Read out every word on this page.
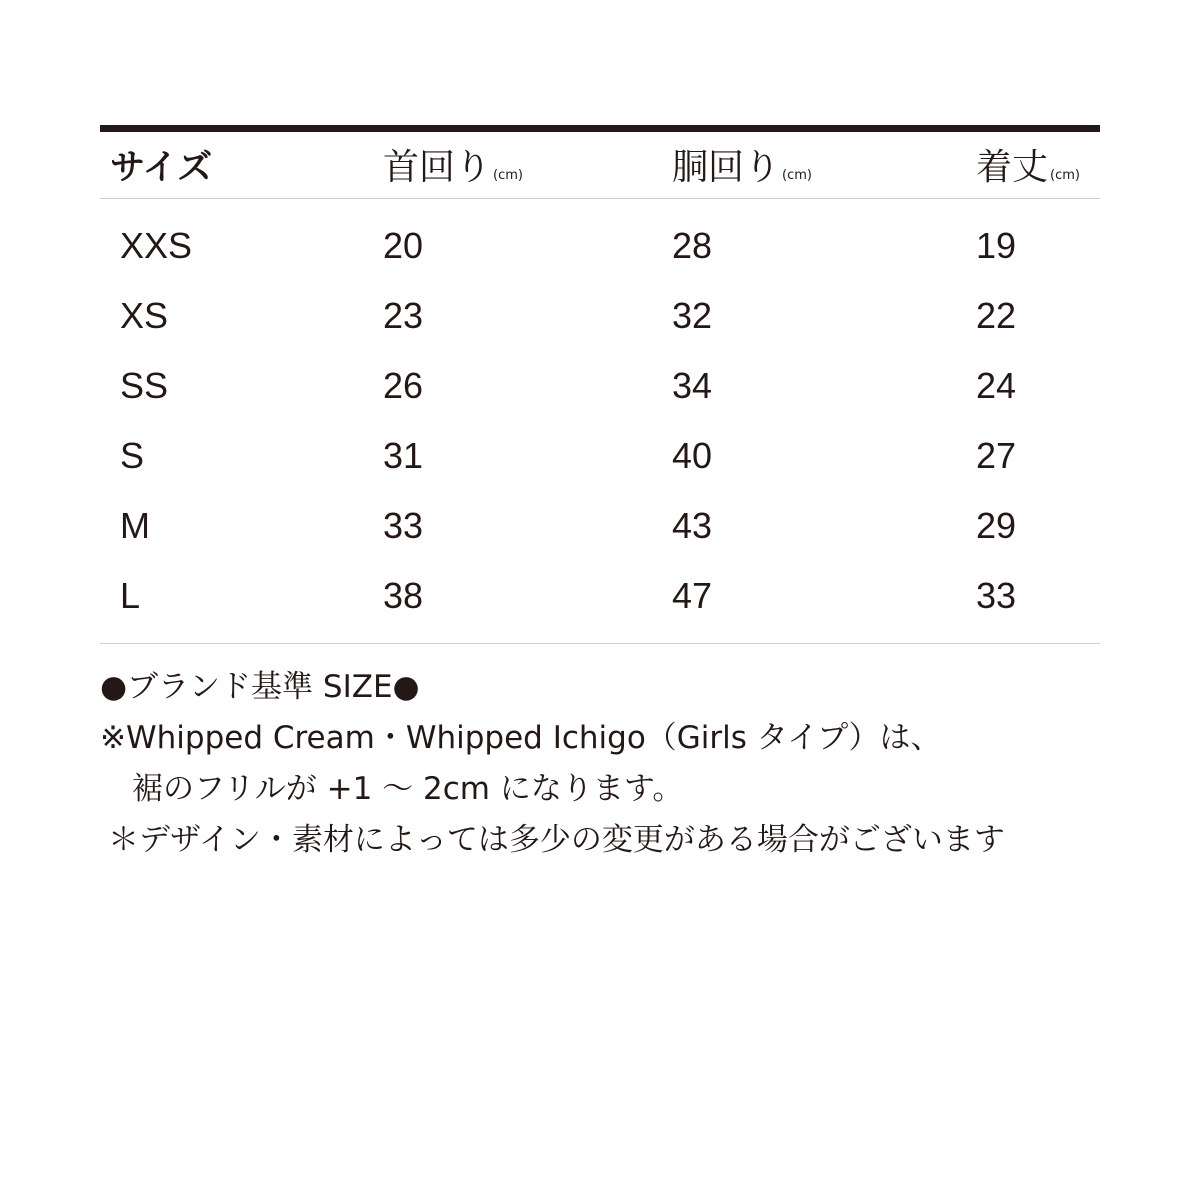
サイズ	首回り (cm)	胴回り (cm)	着丈 (cm)
XXS	20	28	19
XS	23	32	22
SS	26	34	24
S	31	40	27
M	33	43	29
L	38	47	33
●ブランド基準 SIZE●
※Whipped Cream・Whipped Ichigo（Girls タイプ）は、
裾のフリルが +1 〜 2cm になります。
＊デザイン・素材によっては多少の変更がある場合がございます
